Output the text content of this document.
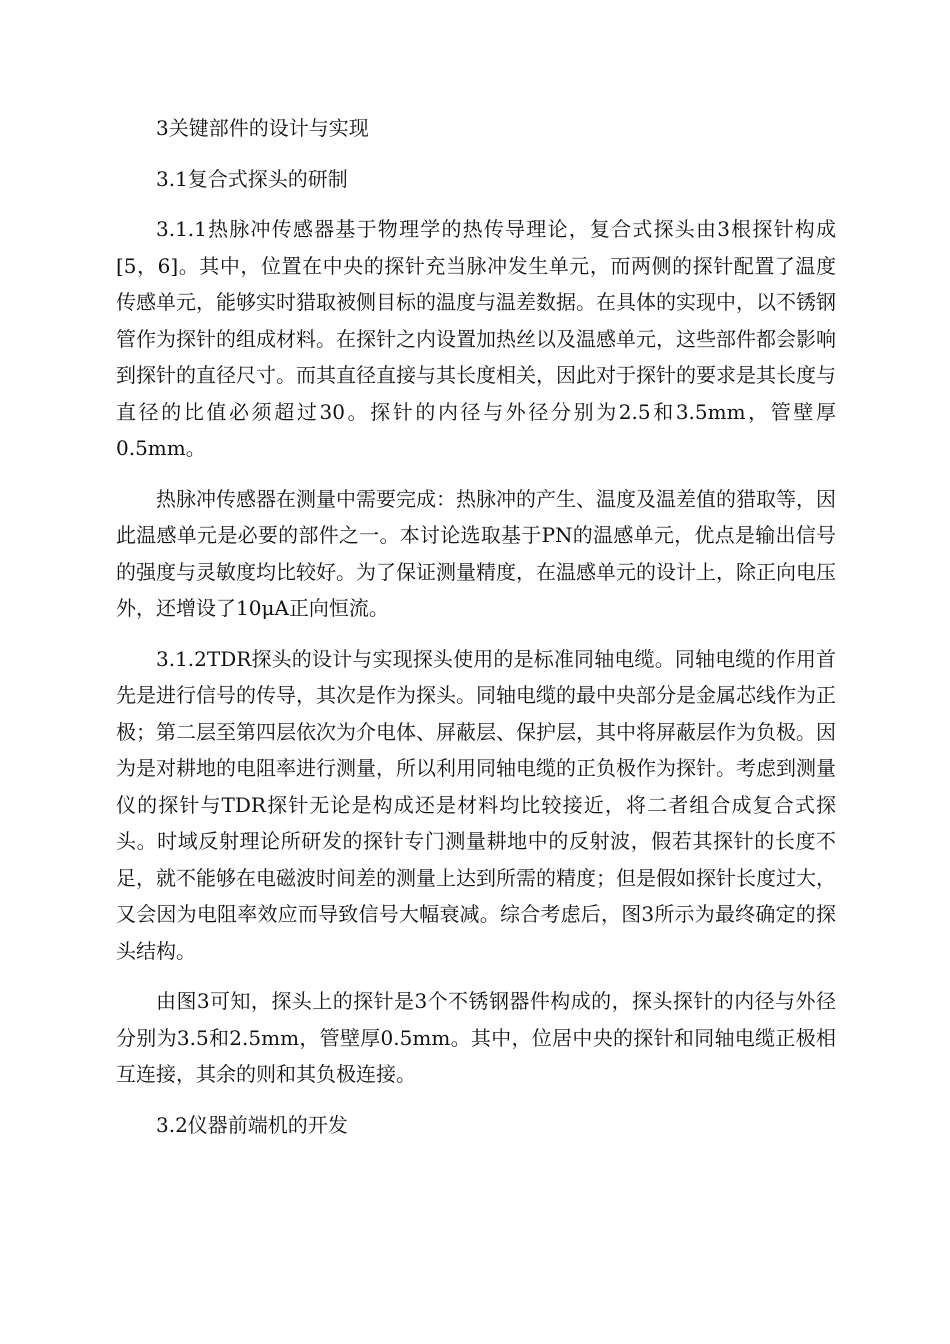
3关键部件的设计与实现

3.1复合式探头的研制

3.1.1热脉冲传感器基于物理学的热传导理论，复合式探头由3根探针构成[5，6]。其中，位置在中央的探针充当脉冲发生单元，而两侧的探针配置了温度传感单元，能够实时猎取被侧目标的温度与温差数据。在具体的实现中，以不锈钢管作为探针的组成材料。在探针之内设置加热丝以及温感单元，这些部件都会影响到探针的直径尺寸。而其直径直接与其长度相关，因此对于探针的要求是其长度与直径的比值必须超过30。探针的内径与外径分别为2.5和3.5mm，管壁厚0.5mm。

热脉冲传感器在测量中需要完成：热脉冲的产生、温度及温差值的猎取等，因此温感单元是必要的部件之一。本讨论选取基于PN的温感单元，优点是输出信号的强度与灵敏度均比较好。为了保证测量精度，在温感单元的设计上，除正向电压外，还增设了10μA正向恒流。

3.1.2TDR探头的设计与实现探头使用的是标准同轴电缆。同轴电缆的作用首先是进行信号的传导，其次是作为探头。同轴电缆的最中央部分是金属芯线作为正极；第二层至第四层依次为介电体、屏蔽层、保护层，其中将屏蔽层作为负极。因为是对耕地的电阻率进行测量，所以利用同轴电缆的正负极作为探针。考虑到测量仪的探针与TDR探针无论是构成还是材料均比较接近，将二者组合成复合式探头。时域反射理论所研发的探针专门测量耕地中的反射波，假若其探针的长度不足，就不能够在电磁波时间差的测量上达到所需的精度；但是假如探针长度过大，又会因为电阻率效应而导致信号大幅衰减。综合考虑后，图3所示为最终确定的探头结构。

由图3可知，探头上的探针是3个不锈钢器件构成的，探头探针的内径与外径分别为3.5和2.5mm，管壁厚0.5mm。其中，位居中央的探针和同轴电缆正极相互连接，其余的则和其负极连接。

3.2仪器前端机的开发
